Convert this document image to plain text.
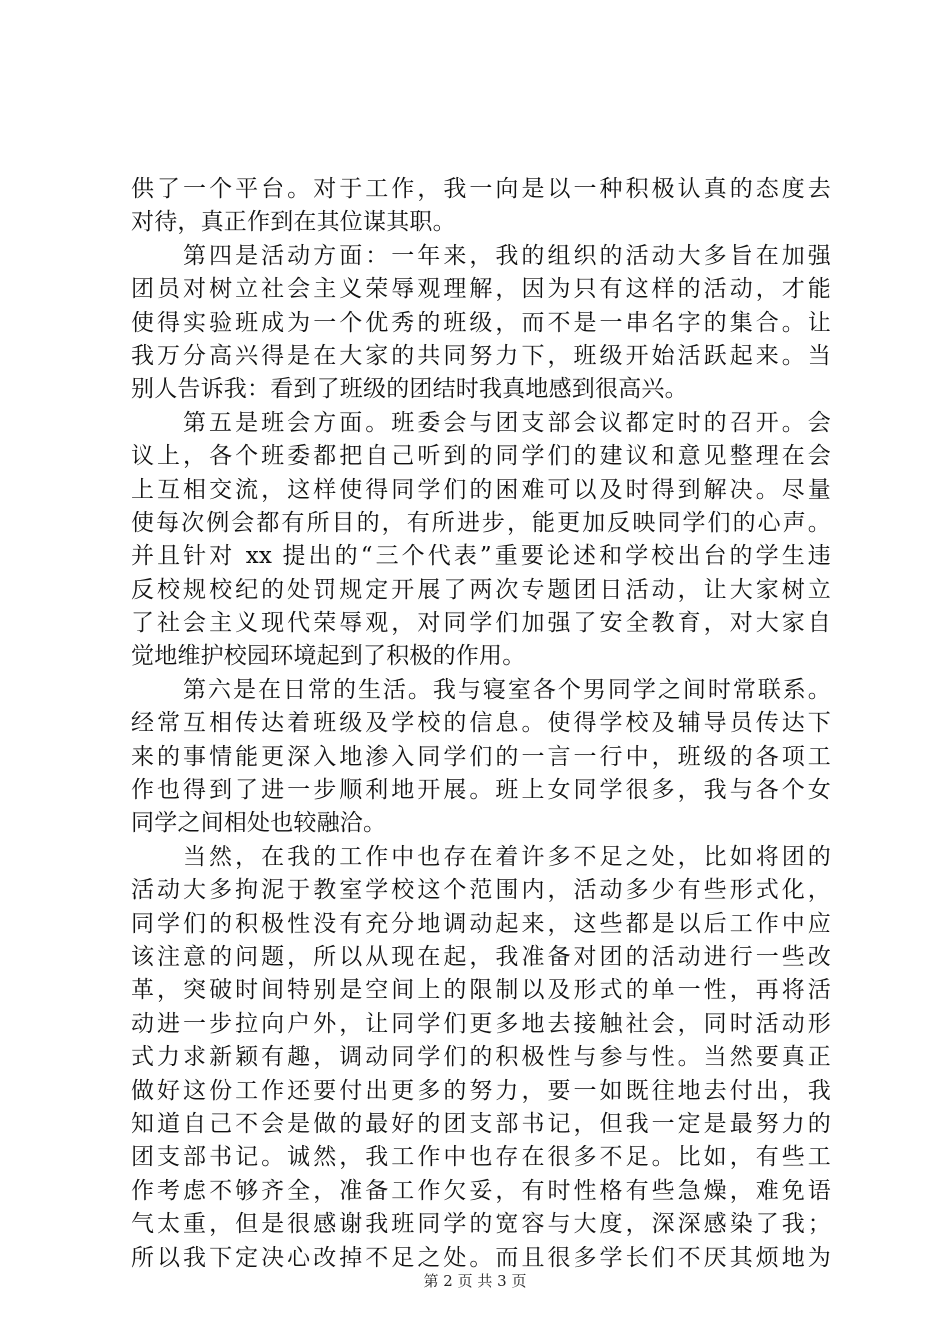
供了一个平台。对于工作，我一向是以一种积极认真的态度去
对待，真正作到在其位谋其职。
第四是活动方面：一年来，我的组织的活动大多旨在加强
团员对树立社会主义荣辱观理解，因为只有这样的活动，才能
使得实验班成为一个优秀的班级，而不是一串名字的集合。让
我万分高兴得是在大家的共同努力下，班级开始活跃起来。当
别人告诉我：看到了班级的团结时我真地感到很高兴。
第五是班会方面。班委会与团支部会议都定时的召开。会
议上，各个班委都把自己听到的同学们的建议和意见整理在会
上互相交流，这样使得同学们的困难可以及时得到解决。尽量
使每次例会都有所目的，有所进步，能更加反映同学们的心声。
并且针对 xx 提出的“三个代表”重要论述和学校出台的学生违
反校规校纪的处罚规定开展了两次专题团日活动，让大家树立
了社会主义现代荣辱观，对同学们加强了安全教育，对大家自
觉地维护校园环境起到了积极的作用。
第六是在日常的生活。我与寝室各个男同学之间时常联系。
经常互相传达着班级及学校的信息。使得学校及辅导员传达下
来的事情能更深入地渗入同学们的一言一行中，班级的各项工
作也得到了进一步顺利地开展。班上女同学很多，我与各个女
同学之间相处也较融洽。
当然，在我的工作中也存在着许多不足之处，比如将团的
活动大多拘泥于教室学校这个范围内，活动多少有些形式化，
同学们的积极性没有充分地调动起来，这些都是以后工作中应
该注意的问题，所以从现在起，我准备对团的活动进行一些改
革，突破时间特别是空间上的限制以及形式的单一性，再将活
动进一步拉向户外，让同学们更多地去接触社会，同时活动形
式力求新颖有趣，调动同学们的积极性与参与性。当然要真正
做好这份工作还要付出更多的努力，要一如既往地去付出，我
知道自己不会是做的最好的团支部书记，但我一定是最努力的
团支部书记。诚然，我工作中也存在很多不足。比如，有些工
作考虑不够齐全，准备工作欠妥，有时性格有些急燥，难免语
气太重，但是很感谢我班同学的宽容与大度，深深感染了我；
所以我下定决心改掉不足之处。而且很多学长们不厌其烦地为
第 2 页 共 3 页
